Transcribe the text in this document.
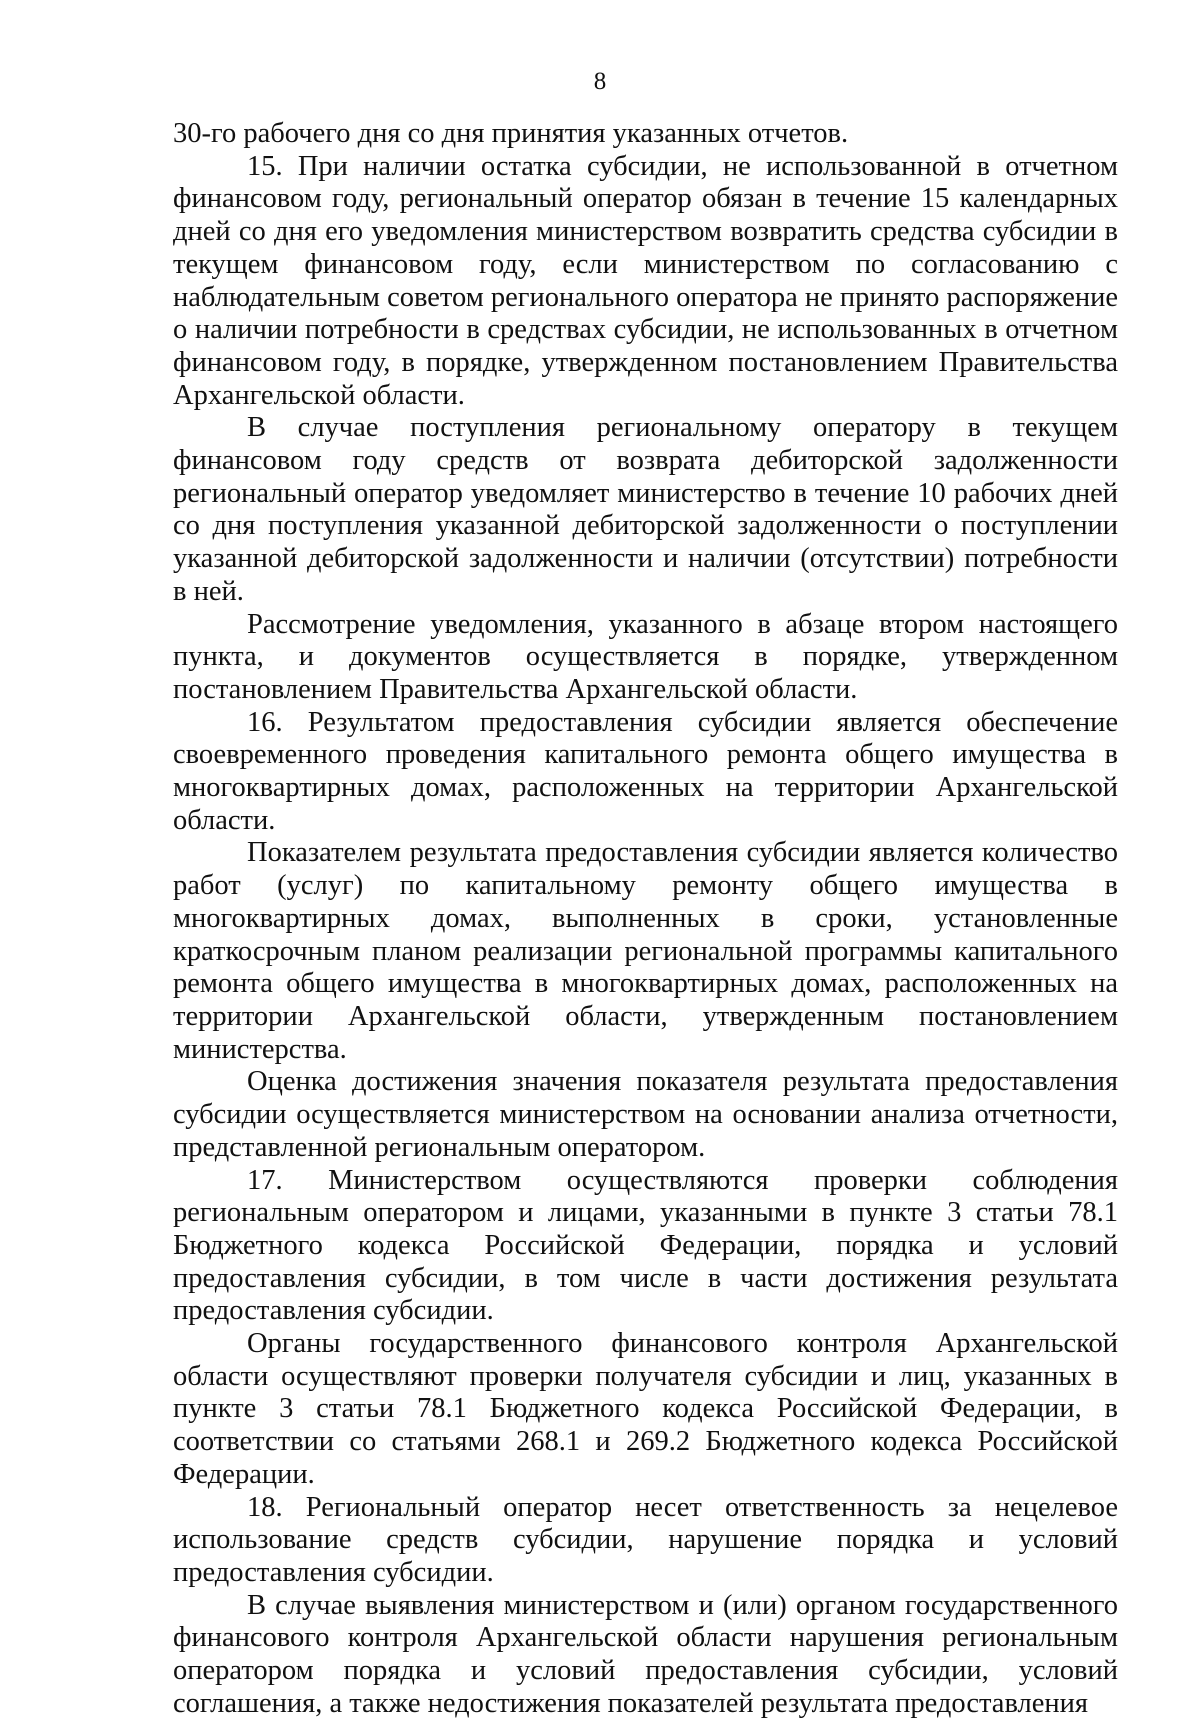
8

30-го рабочего дня со дня принятия указанных отчетов.

15. При наличии остатка субсидии, не использованной в отчетном финансовом году, региональный оператор обязан в течение 15 календарных дней со дня его уведомления министерством возвратить средства субсидии в текущем финансовом году, если министерством по согласованию с наблюдательным советом регионального оператора не принято распоряжение о наличии потребности в средствах субсидии, не использованных в отчетном финансовом году, в порядке, утвержденном постановлением Правительства Архангельской области.

В случае поступления региональному оператору в текущем финансовом году средств от возврата дебиторской задолженности региональный оператор уведомляет министерство в течение 10 рабочих дней со дня поступления указанной дебиторской задолженности о поступлении указанной дебиторской задолженности и наличии (отсутствии) потребности в ней.

Рассмотрение уведомления, указанного в абзаце втором настоящего пункта, и документов осуществляется в порядке, утвержденном постановлением Правительства Архангельской области.

16. Результатом предоставления субсидии является обеспечение своевременного проведения капитального ремонта общего имущества в многоквартирных домах, расположенных на территории Архангельской области.

Показателем результата предоставления субсидии является количество работ (услуг) по капитальному ремонту общего имущества в многоквартирных домах, выполненных в сроки, установленные краткосрочным планом реализации региональной программы капитального ремонта общего имущества в многоквартирных домах, расположенных на территории Архангельской области, утвержденным постановлением министерства.

Оценка достижения значения показателя результата предоставления субсидии осуществляется министерством на основании анализа отчетности, представленной региональным оператором.

17. Министерством осуществляются проверки соблюдения региональным оператором и лицами, указанными в пункте 3 статьи 78.1 Бюджетного кодекса Российской Федерации, порядка и условий предоставления субсидии, в том числе в части достижения результата предоставления субсидии.

Органы государственного финансового контроля Архангельской области осуществляют проверки получателя субсидии и лиц, указанных в пункте 3 статьи 78.1 Бюджетного кодекса Российской Федерации, в соответствии со статьями 268.1 и 269.2 Бюджетного кодекса Российской Федерации.

18. Региональный оператор несет ответственность за нецелевое использование средств субсидии, нарушение порядка и условий предоставления субсидии.

В случае выявления министерством и (или) органом государственного финансового контроля Архангельской области нарушения региональным оператором порядка и условий предоставления субсидии, условий соглашения, а также недостижения показателей результата предоставления
